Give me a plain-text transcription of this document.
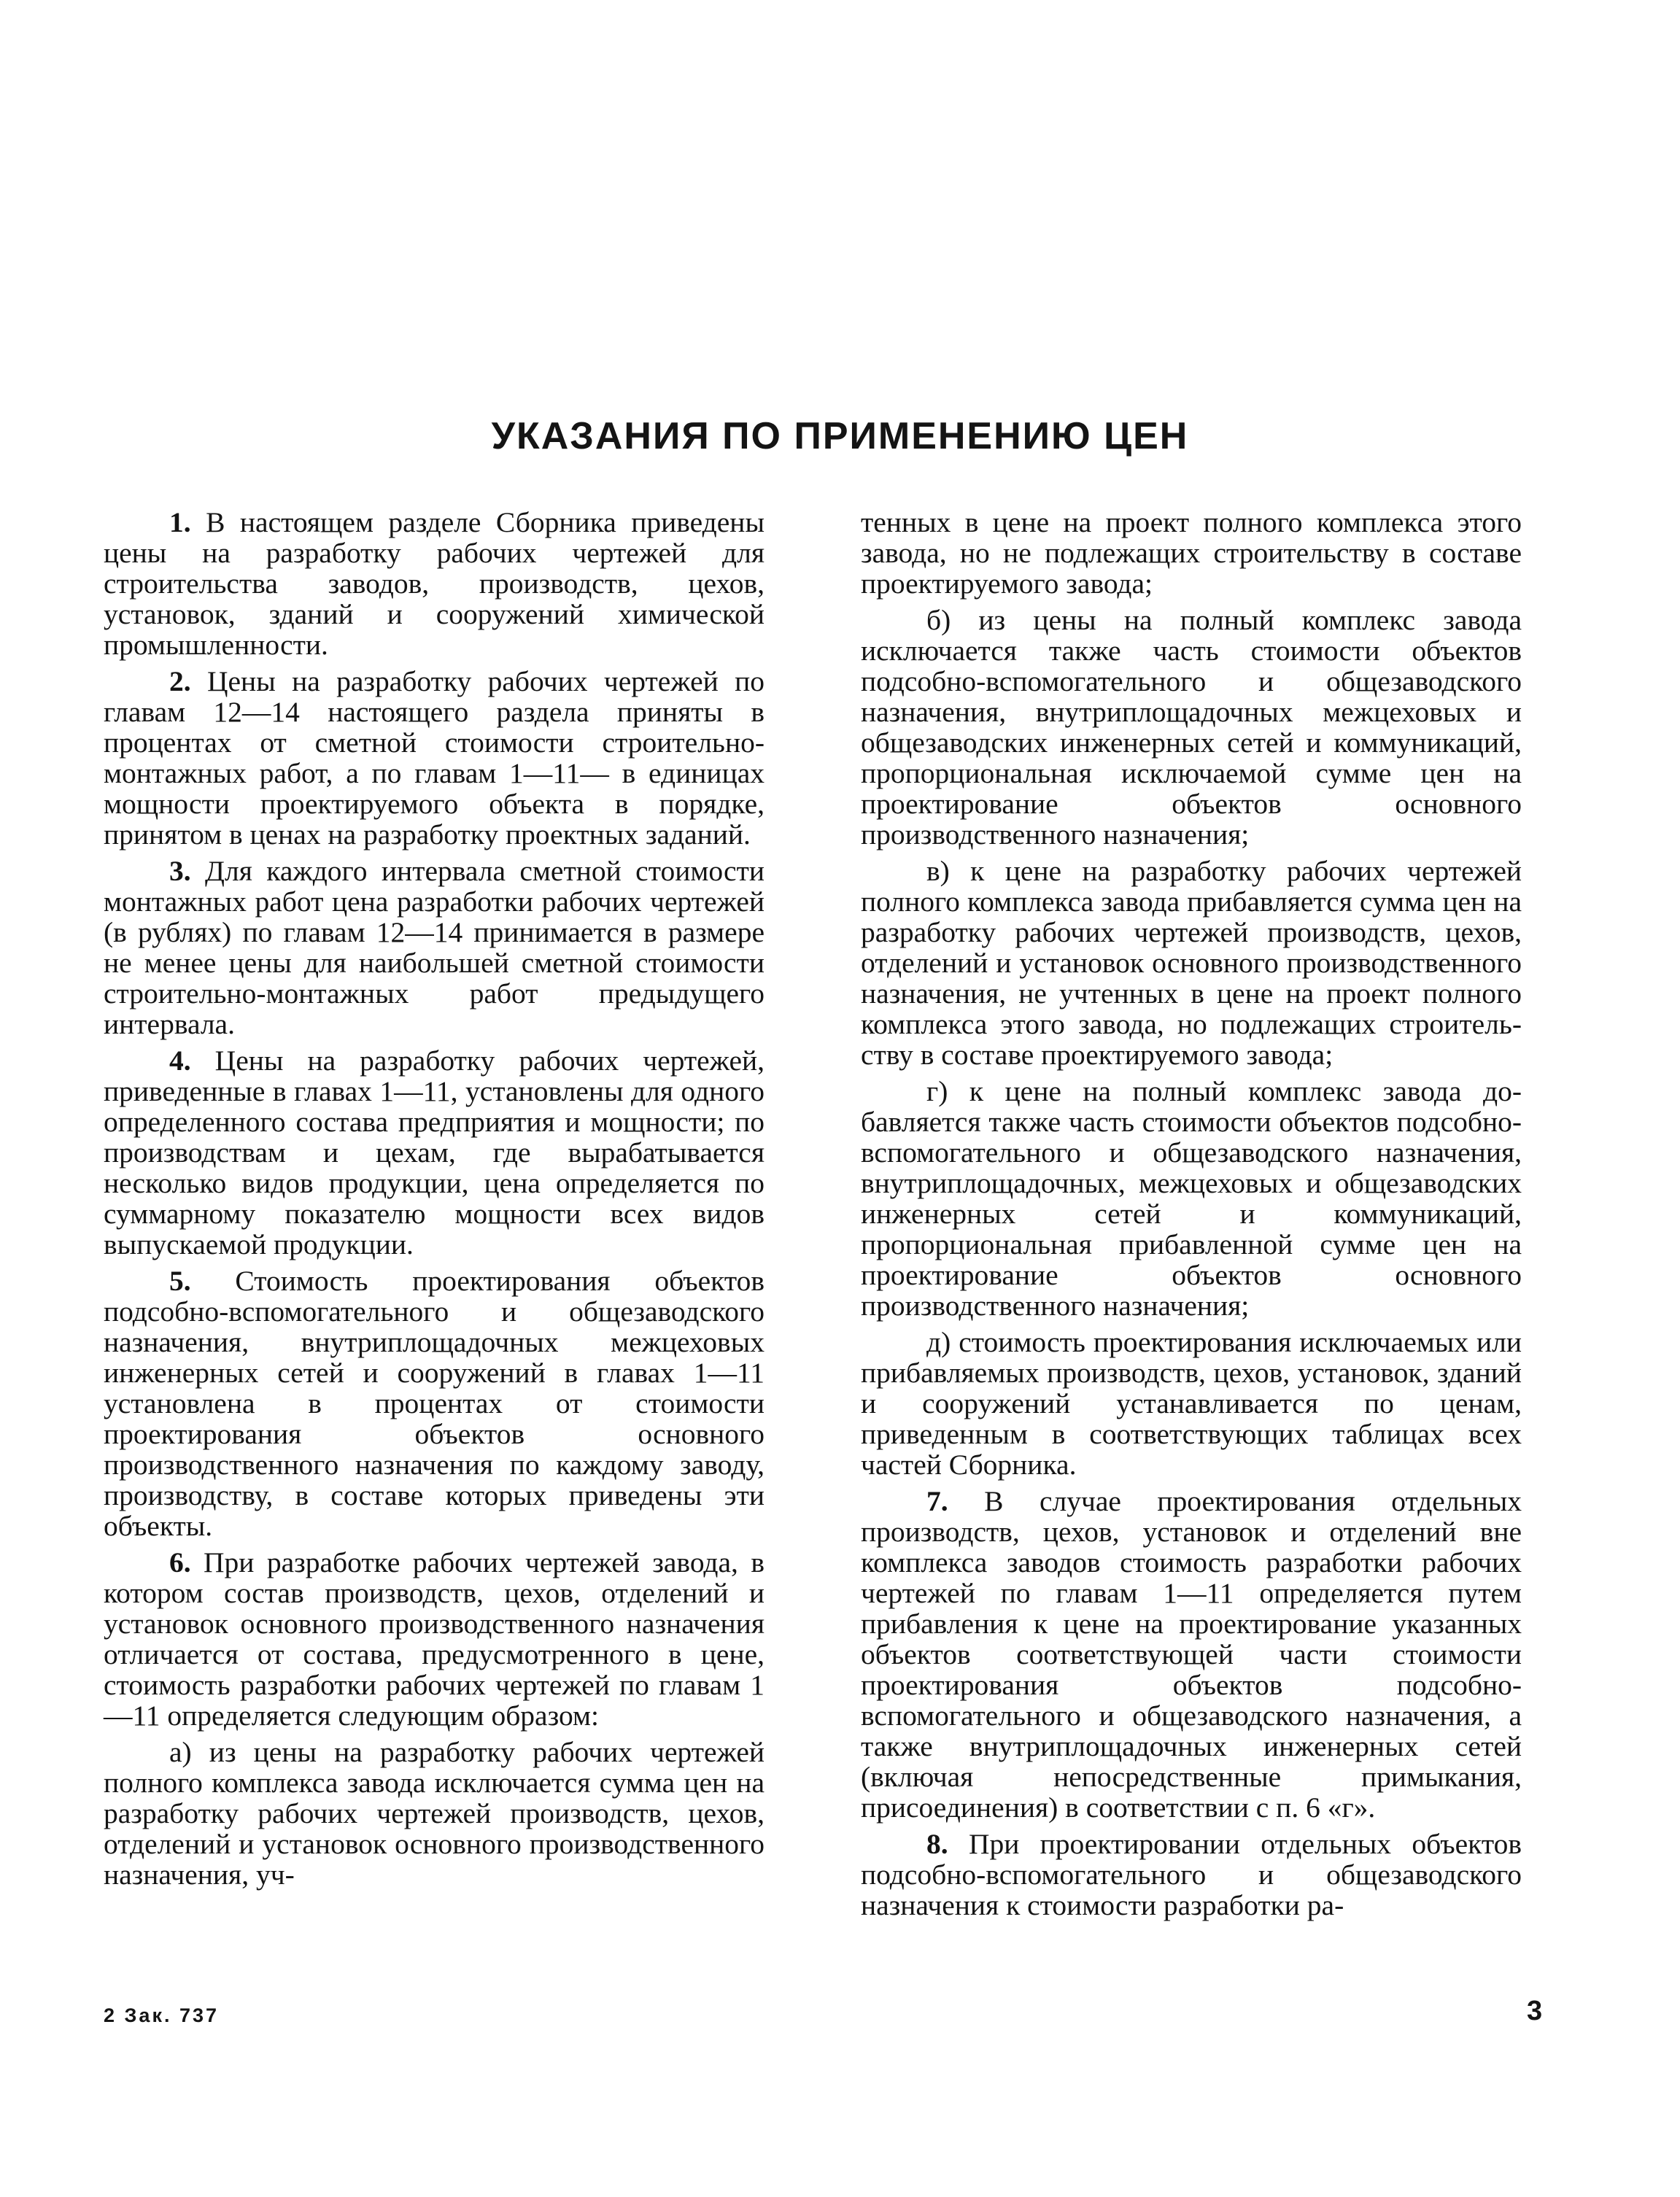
УКАЗАНИЯ ПО ПРИМЕНЕНИЮ ЦЕН

1. В настоящем разделе Сборника приведены цены на разработку рабочих чертежей для строительства заводов, производств, цехов, установок, зданий и сооружений химической промышленности.

2. Цены на разработку рабочих чертежей по главам 12—14 настоящего раздела приняты в процентах от сметной стоимости строительно-монтажных работ, а по главам 1—11— в единицах мощности проектируемого объекта в порядке, принятом в ценах на разработку проектных заданий.

3. Для каждого интервала сметной стоимости монтажных работ цена разработки рабочих чертежей (в рублях) по главам 12—14 принимается в размере не менее цены для наибольшей сметной стоимости строительно-монтажных работ предыдущего интервала.

4. Цены на разработку рабочих чертежей, приведенные в главах 1—11, установлены для одного определенного состава предприятия и мощности; по производствам и цехам, где вырабатывается несколько видов продукции, цена определяется по суммарному показателю мощности всех видов выпускаемой продукции.

5. Стоимость проектирования объектов подсобно-вспомогательного и общезаводского назначения, внутриплощадочных межцеховых инженерных сетей и сооружений в главах 1—11 установлена в процентах от стоимости проектирования объектов основного производственного назначения по каждому заводу, производству, в составе которых приведены эти объекты.

6. При разработке рабочих чертежей завода, в котором состав производств, цехов, отделений и установок основного производственного назначения отличается от состава, предусмотренного в цене, стоимость разработки рабочих чертежей по главам 1—11 определяется следующим образом:

а) из цены на разработку рабочих чертежей полного комплекса завода исключается сумма цен на разработку рабочих чертежей производств, цехов, отделений и установок основного производственного назначения, уч-

тенных в цене на проект полного комплекса этого завода, но не подлежащих строительству в составе проектируемого завода;

б) из цены на полный комплекс завода исключается также часть стоимости объектов подсобно-вспомогательного и общезаводского назначения, внутриплощадочных межцеховых и общезаводских инженерных сетей и коммуникаций, пропорциональная исключаемой сумме цен на проектирование объектов основного производственного назначения;

в) к цене на разработку рабочих чертежей полного комплекса завода прибавляется сумма цен на разработку рабочих чертежей производств, цехов, отделений и установок основного производственного назначения, не учтенных в цене на проект полного комплекса этого завода, но подлежащих строительству в составе проектируемого завода;

г) к цене на полный комплекс завода добавляется также часть стоимости объектов подсобно-вспомогательного и общезаводского назначения, внутриплощадочных, межцеховых и общезаводских инженерных сетей и коммуникаций, пропорциональная прибавленной сумме цен на проектирование объектов основного производственного назначения;

д) стоимость проектирования исключаемых или прибавляемых производств, цехов, установок, зданий и сооружений устанавливается по ценам, приведенным в соответствующих таблицах всех частей Сборника.

7. В случае проектирования отдельных производств, цехов, установок и отделений вне комплекса заводов стоимость разработки рабочих чертежей по главам 1—11 определяется путем прибавления к цене на проектирование указанных объектов соответствующей части стоимости проектирования объектов подсобно-вспомогательного и общезаводского назначения, а также внутриплощадочных инженерных сетей (включая непосредственные примыкания, присоединения) в соответствии с п. 6 «г».

8. При проектировании отдельных объектов подсобно-вспомогательного и общезаводского назначения к стоимости разработки ра-

2 Зак. 737	3
